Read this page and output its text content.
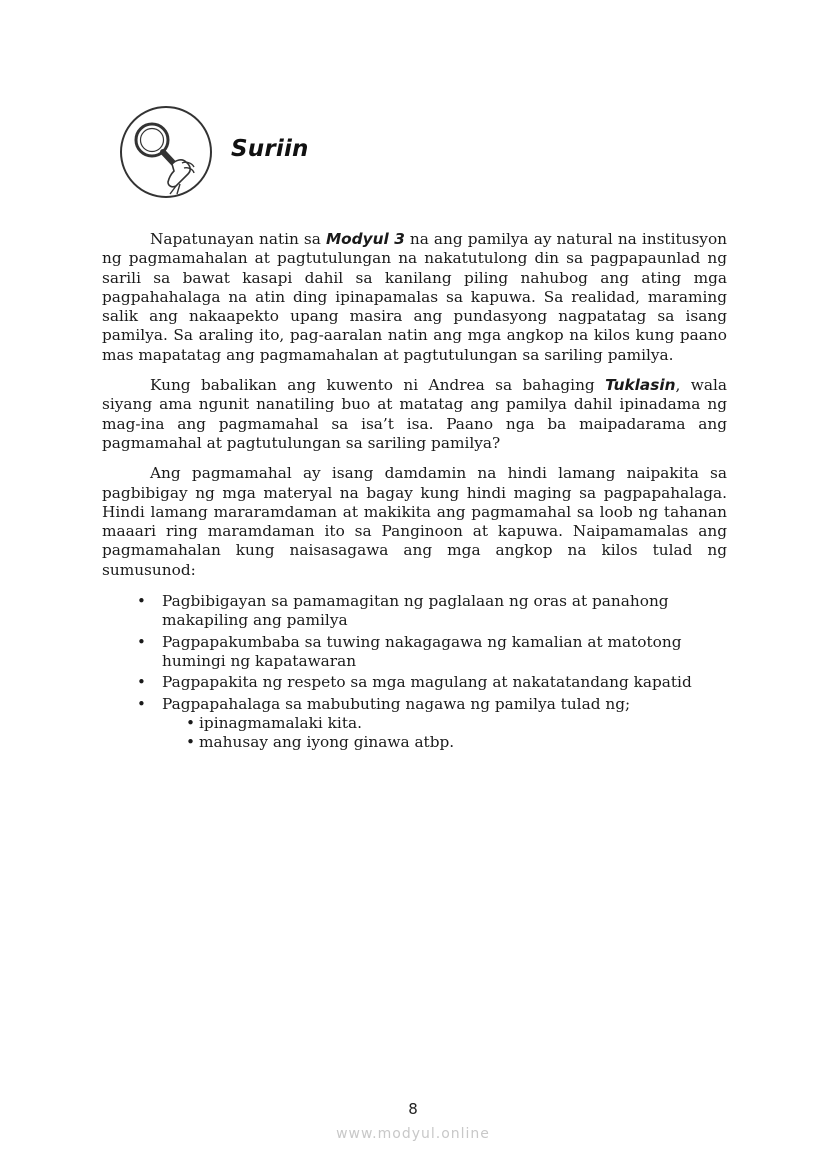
Suriin

Napatunayan natin sa Modyul 3 na ang pamilya ay natural na institusyon ng pagmamahalan at pagtutulungan na nakatutulong din sa pagpapaunlad ng sarili sa bawat kasapi dahil sa kanilang piling nahubog ang ating mga pagpahahalaga na atin ding ipinapamalas sa kapuwa. Sa realidad, maraming salik ang nakaapekto upang masira ang pundasyong nagpatatag sa isang pamilya. Sa araling ito, pag-aaralan natin ang mga angkop na kilos kung paano mas mapatatag ang pagmamahalan at pagtutulungan sa sariling pamilya.

Kung babalikan ang kuwento ni Andrea sa bahaging Tuklasin, wala siyang ama ngunit nanatiling buo at matatag ang pamilya dahil ipinadama ng mag-ina ang pagmamahal sa isa’t isa. Paano nga ba maipadarama ang pagmamahal at pagtutulungan sa sariling pamilya?

Ang pagmamahal ay isang damdamin na hindi lamang naipakita sa pagbibigay ng mga materyal na bagay kung hindi maging sa pagpapahalaga. Hindi lamang mararamdaman at makikita ang pagmamahal sa loob ng tahanan maaari ring maramdaman ito sa Panginoon at kapuwa. Naipamamalas ang pagmamahalan kung naisasagawa ang mga angkop na kilos tulad ng sumusunod:

• Pagbibigayan sa pamamagitan ng paglalaan ng oras at panahong makapiling ang pamilya
• Pagpapakumbaba sa tuwing nakagagawa ng kamalian at matotong humingi ng kapatawaran
• Pagpapakita ng respeto sa mga magulang at nakatatandang kapatid
• Pagpapahalaga sa mabubuting nagawa ng pamilya tulad ng;
• ipinagmamalaki kita.
• mahusay ang iyong ginawa atbp.
8
www.modyul.online
